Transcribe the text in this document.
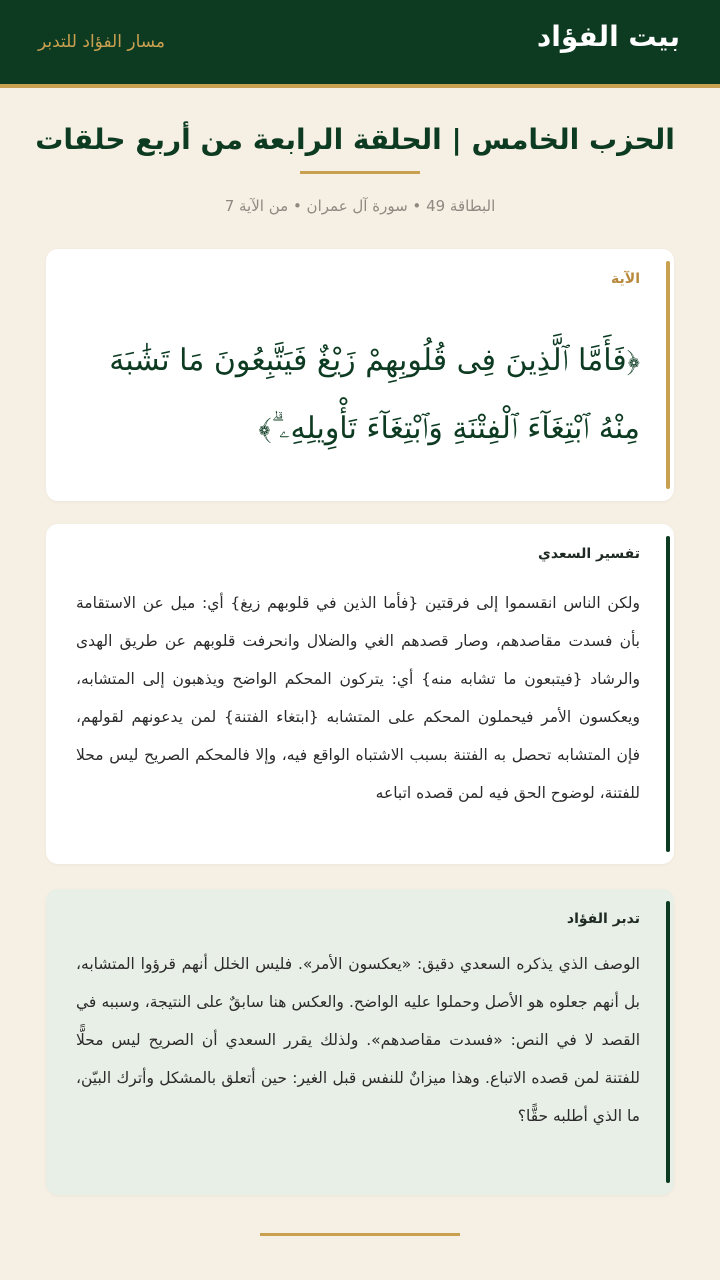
بيت الفؤاد
مسار الفؤاد للتدبر
الحزب الخامس | الحلقة الرابعة من أربع حلقات
البطاقة 49 • سورة آل عمران • من الآية 7
الآية
﴿فَأَمَّا ٱلَّذِينَ فِى قُلُوبِهِمْ زَيْغٌ فَيَتَّبِعُونَ مَا تَشَٰبَهَ مِنْهُ ٱبْتِغَآءَ ٱلْفِتْنَةِ وَٱبْتِغَآءَ تَأْوِيلِهِۦ ۗ﴾
تفسير السعدي
ولكن الناس انقسموا إلى فرقتين {فأما الذين في قلوبهم زيغ} أي: ميل عن الاستقامة بأن فسدت مقاصدهم، وصار قصدهم الغي والضلال وانحرفت قلوبهم عن طريق الهدى والرشاد {فيتبعون ما تشابه منه} أي: يتركون المحكم الواضح ويذهبون إلى المتشابه، ويعكسون الأمر فيحملون المحكم على المتشابه {ابتغاء الفتنة} لمن يدعونهم لقولهم، فإن المتشابه تحصل به الفتنة بسبب الاشتباه الواقع فيه، وإلا فالمحكم الصريح ليس محلا للفتنة، لوضوح الحق فيه لمن قصده اتباعه
تدبر الفؤاد
الوصف الذي يذكره السعدي دقيق: «يعكسون الأمر». فليس الخلل أنهم قرؤوا المتشابه، بل أنهم جعلوه هو الأصل وحملوا عليه الواضح. والعكس هنا سابقٌ على النتيجة، وسببه في القصد لا في النص: «فسدت مقاصدهم». ولذلك يقرر السعدي أن الصريح ليس محلًّا للفتنة لمن قصده الاتباع. وهذا ميزانٌ للنفس قبل الغير: حين أتعلق بالمشكل وأترك البيّن، ما الذي أطلبه حقًّا؟
